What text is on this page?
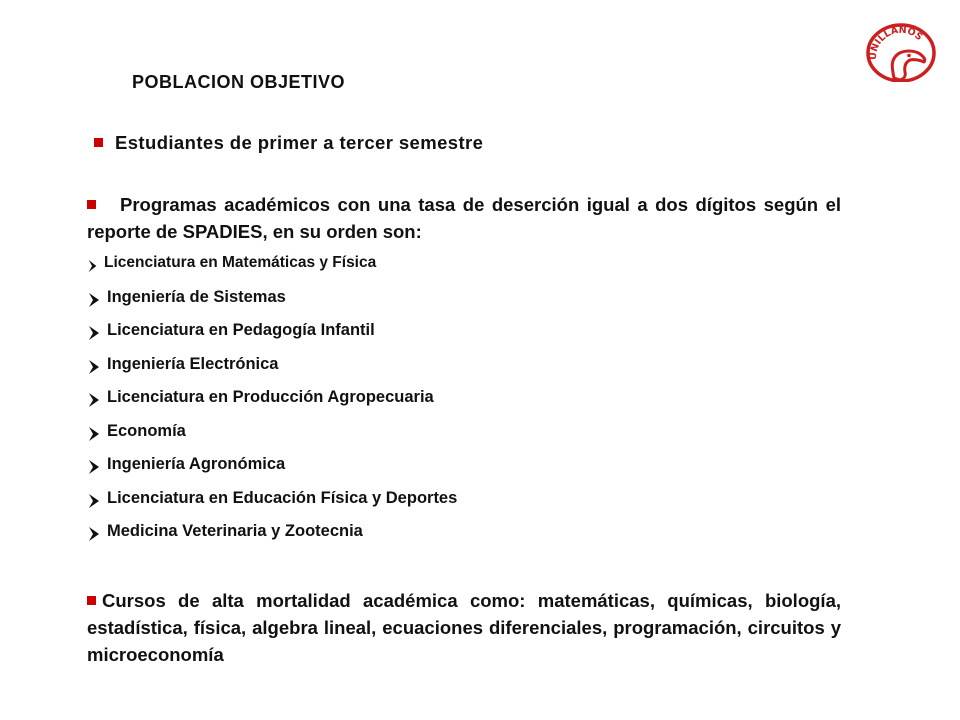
UNILLANOS
POBLACION OBJETIVO
Estudiantes de primer a tercer semestre
Programas académicos con una tasa de deserción igual a dos dígitos según el reporte de SPADIES, en su orden son:
Licenciatura en Matemáticas y Física
Ingeniería de Sistemas
Licenciatura en Pedagogía Infantil
Ingeniería Electrónica
Licenciatura en Producción Agropecuaria
Economía
Ingeniería Agronómica
Licenciatura en Educación Física y Deportes
Medicina Veterinaria y Zootecnia
Cursos de alta mortalidad académica como: matemáticas, químicas, biología, estadística, física, algebra lineal, ecuaciones diferenciales, programación, circuitos y microeconomía
